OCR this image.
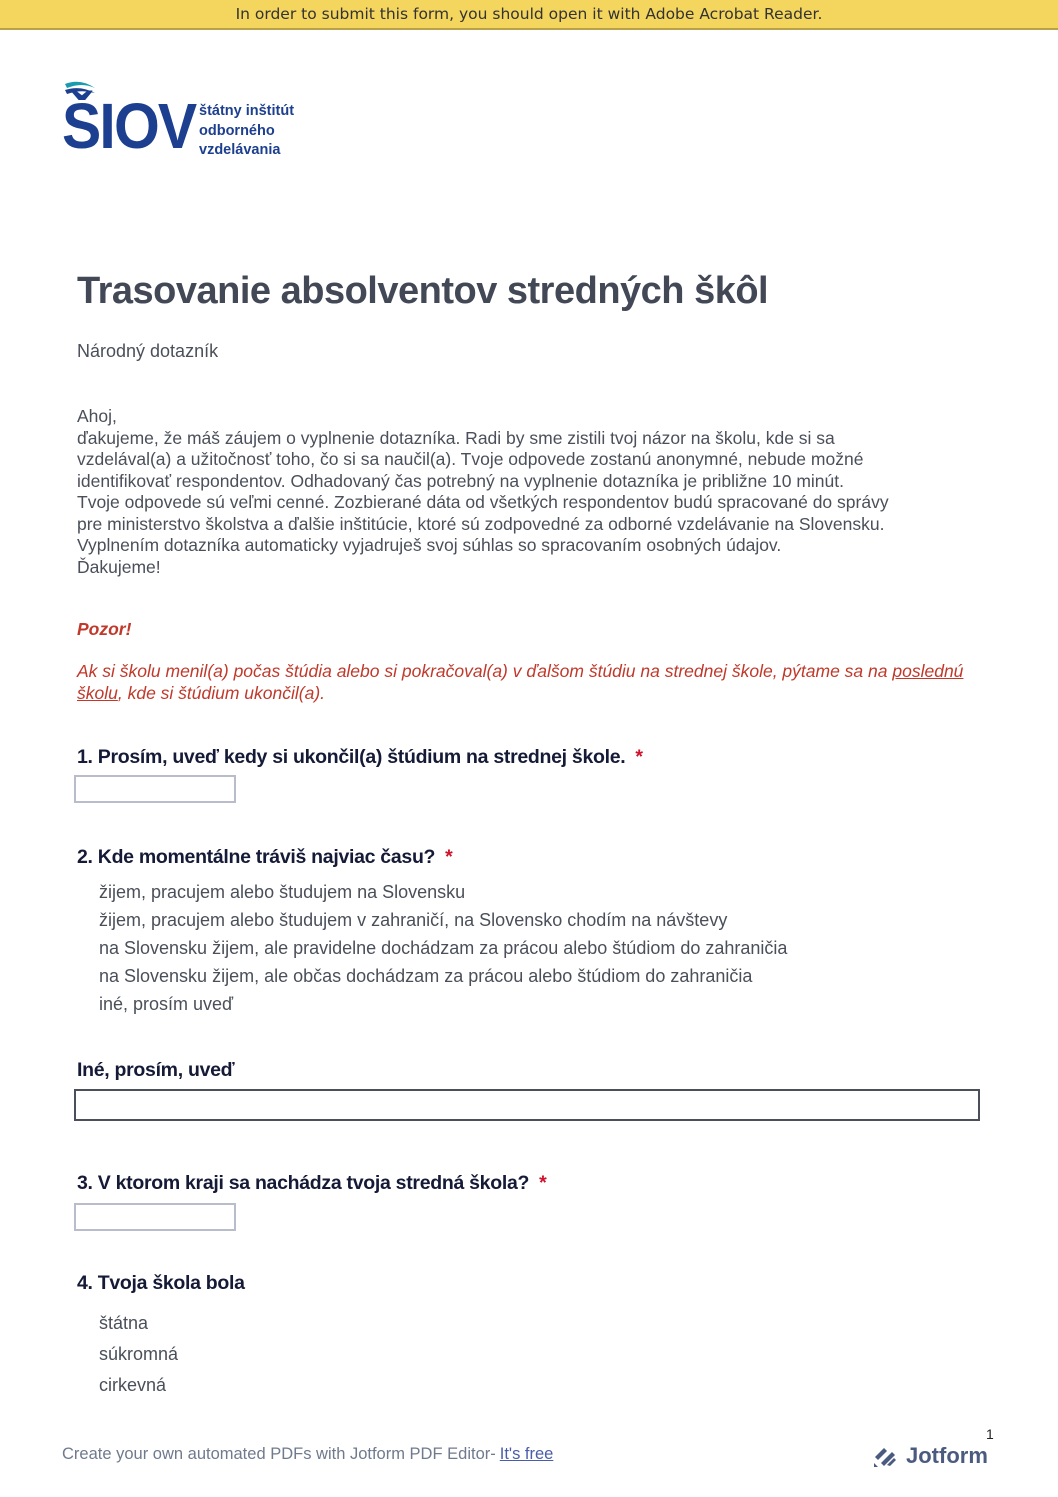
In order to submit this form, you should open it with Adobe Acrobat Reader.
ŠIOV štátny inštitút
odborného
vzdelávania
Trasovanie absolventov stredných škôl
Národný dotazník

Ahoj,

ďakujeme, že máš záujem o vyplnenie dotazníka. Radi by sme zistili tvoj názor na školu, kde si sa

vzdelával(a) a užitočnosť toho, čo si sa naučil(a). Tvoje odpovede zostanú anonymné, nebude možné

identifikovať respondentov. Odhadovaný čas potrebný na vyplnenie dotazníka je približne 10 minút.

Tvoje odpovede sú veľmi cenné. Zozbierané dáta od všetkých respondentov budú spracované do správy

pre ministerstvo školstva a ďalšie inštitúcie, ktoré sú zodpovedné za odborné vzdelávanie na Slovensku.

Vyplnením dotazníka automaticky vyjadruješ svoj súhlas so spracovaním osobných údajov.

Ďakujeme!

Pozor!
Ak si školu menil(a) počas štúdia alebo si pokračoval(a) v ďalšom štúdiu na strednej škole, pýtame sa na poslednú školu, kde si štúdium ukončil(a).
1. Prosím, uveď kedy si ukončil(a) štúdium na strednej škole. *
2. Kde momentálne tráviš najviac času? *
žijem, pracujem alebo študujem na Slovensku
žijem, pracujem alebo študujem v zahraničí, na Slovensko chodím na návštevy
na Slovensku žijem, ale pravidelne dochádzam za prácou alebo štúdiom do zahraničia
na Slovensku žijem, ale občas dochádzam za prácou alebo štúdiom do zahraničia
iné, prosím uveď
Iné, prosím, uveď
3. V ktorom kraji sa nachádza tvoja stredná škola? *
4. Tvoja škola bola
štátna
súkromná
cirkevná
1
Create your own automated PDFs with Jotform PDF Editor- It's free	Jotform
